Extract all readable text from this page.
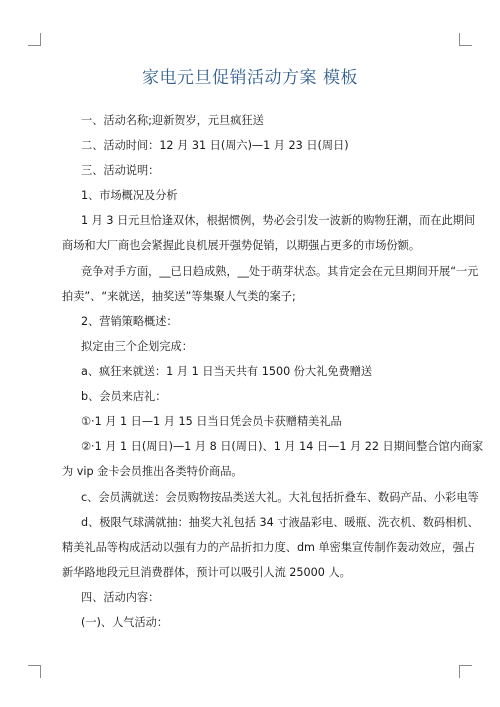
家电元旦促销活动方案 模板
一、活动名称;迎新贺岁，元旦疯狂送
二、活动时间：12 月 31 日(周六)—1 月 23 日(周日)
三、活动说明：
1、市场概况及分析
1 月 3 日元旦恰逢双休，根据惯例，势必会引发一波新的购物狂潮，而在此期间
商场和大厂商也会紧握此良机展开强势促销，以期强占更多的市场份额。
竞争对手方面，__已日趋成熟，__处于萌芽状态。其肯定会在元旦期间开展“一元
拍卖”、“来就送，抽奖送”等集聚人气类的案子;
2、营销策略概述：
拟定由三个企划完成：
a、疯狂来就送：1 月 1 日当天共有 1500 份大礼免费赠送
b、会员来店礼：
①·1 月 1 日—1 月 15 日当日凭会员卡获赠精美礼品
②·1 月 1 日(周日)—1 月 8 日(周日)、1 月 14 日—1 月 22 日期间整合馆内商家
为 vip 金卡会员推出各类特价商品。
c、会员满就送：会员购物按品类送大礼。大礼包括折叠车、数码产品、小彩电等
d、极限气球满就抽：抽奖大礼包括 34 寸液晶彩电、暖瓶、洗衣机、数码相机、
精美礼品等构成活动以强有力的产品折扣力度、dm 单密集宣传制作轰动效应，强占
新华路地段元旦消费群体，预计可以吸引人流 25000 人。
四、活动内容：
(一)、人气活动：
